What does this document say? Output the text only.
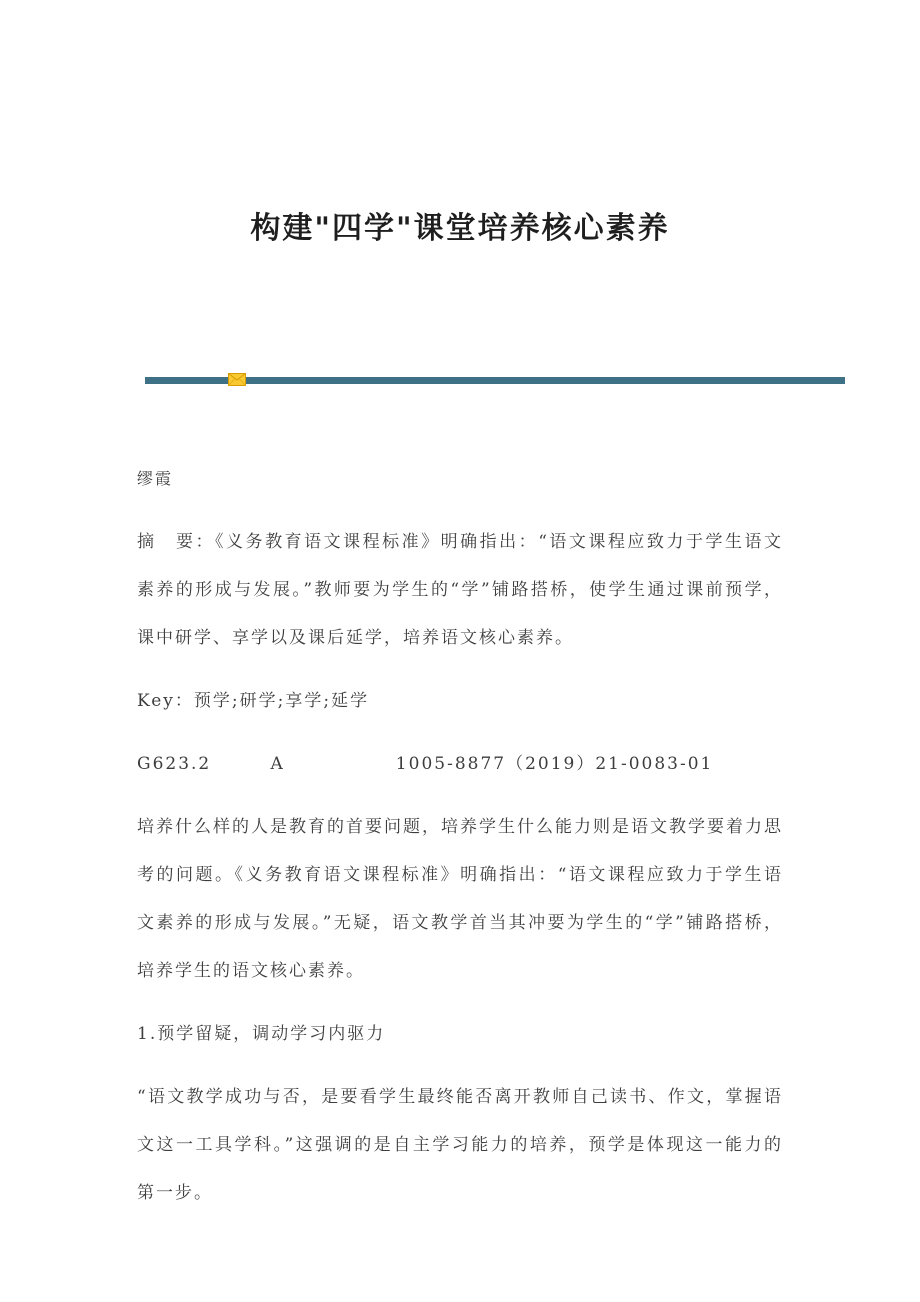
构建"四学"课堂培养核心素养
缪霞

摘　要：《义务教育语文课程标准》明确指出：“语文课程应致力于学生语文素养的形成与发展。”教师要为学生的“学”铺路搭桥，使学生通过课前预学，课中研学、享学以及课后延学，培养语文核心素养。

Key：预学;研学;享学;延学

G623.2        A               1005-8877（2019）21-0083-01

培养什么样的人是教育的首要问题，培养学生什么能力则是语文教学要着力思考的问题。《义务教育语文课程标准》明确指出：“语文课程应致力于学生语文素养的形成与发展。”无疑，语文教学首当其冲要为学生的“学”铺路搭桥，培养学生的语文核心素养。

1.预学留疑，调动学习内驱力

“语文教学成功与否，是要看学生最终能否离开教师自己读书、作文，掌握语文这一工具学科。”这强调的是自主学习能力的培养，预学是体现这一能力的第一步。
